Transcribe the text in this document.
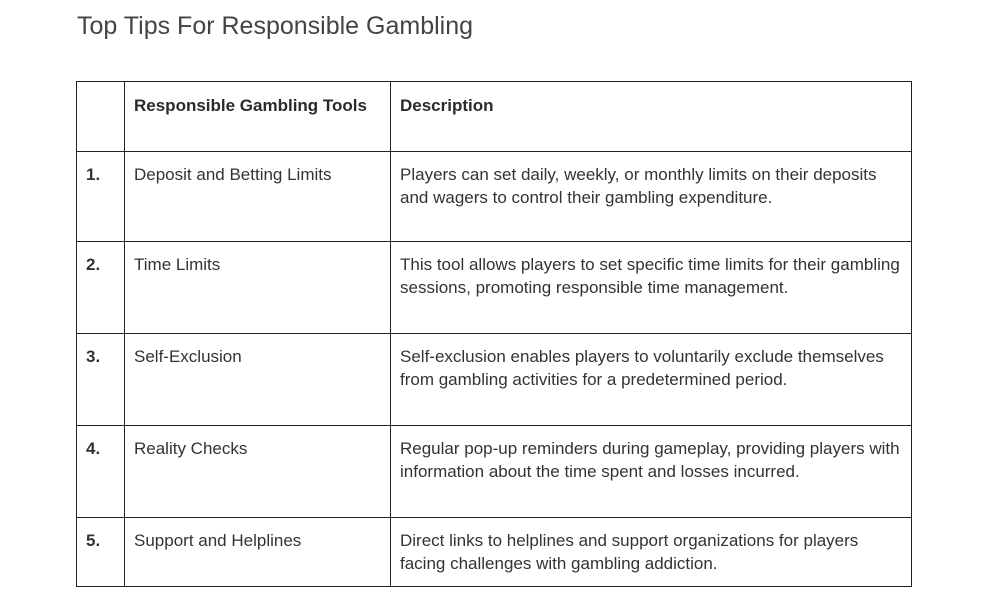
Top Tips For Responsible Gambling
	Responsible Gambling Tools	Description
1.	Deposit and Betting Limits	Players can set daily, weekly, or monthly limits on their deposits and wagers to control their gambling expenditure.
2.	Time Limits	This tool allows players to set specific time limits for their gambling sessions, promoting responsible time management.
3.	Self-Exclusion	Self-exclusion enables players to voluntarily exclude themselves from gambling activities for a predetermined period.
4.	Reality Checks	Regular pop-up reminders during gameplay, providing players with information about the time spent and losses incurred.
5.	Support and Helplines	Direct links to helplines and support organizations for players facing challenges with gambling addiction.
